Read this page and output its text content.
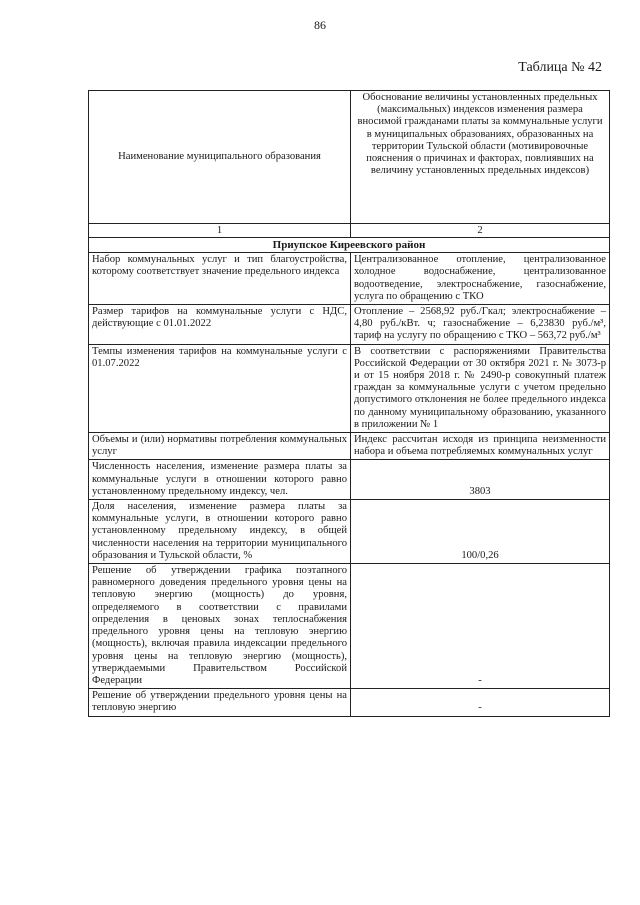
86
Таблица № 42
Наименование муниципального образования	Обоснование величины установленных предельных (максимальных) индексов изменения размера вносимой гражданами платы за коммунальные услуги в муниципальных образованиях, образованных на территории Тульской области (мотивировочные пояснения о причинах и факторах, повлиявших на величину установленных предельных индексов)
1	2
Приупское Киреевского район	
Набор коммунальных услуг и тип благоустройства, которому соответствует значение предельного индекса	Централизованное отопление, централизованное холодное водоснабжение, централизованное водоотведение, электроснабжение, газоснабжение, услуга по обращению с ТКО
Размер тарифов на коммунальные услуги с НДС, действующие с 01.01.2022	Отопление – 2568,92 руб./Гкал; электроснабжение – 4,80 руб./кВт. ч; газоснабжение – 6,23830 руб./м³, тариф на услугу по обращению с ТКО – 563,72 руб./м³
Темпы изменения тарифов на коммунальные услуги с 01.07.2022	В соответствии с распоряжениями Правительства Российской Федерации от 30 октября 2021 г. № 3073-р и от 15 ноября 2018 г. № 2490-р совокупный платеж граждан за коммунальные услуги с учетом предельно допустимого отклонения не более предельного индекса по данному муниципальному образованию, указанного в приложении № 1
Объемы и (или) нормативы потребления коммунальных услуг	Индекс рассчитан исходя из принципа неизменности набора и объема потребляемых коммунальных услуг
Численность населения, изменение размера платы за коммунальные услуги в отношении которого равно установленному предельному индексу, чел.	3803
Доля населения, изменение размера платы за коммунальные услуги, в отношении которого равно установленному предельному индексу, в общей численности населения на территории муниципального образования и Тульской области, %	100/0,26
Решение об утверждении графика поэтапного равномерного доведения предельного уровня цены на тепловую энергию (мощность) до уровня, определяемого в соответствии с правилами определения в ценовых зонах теплоснабжения предельного уровня цены на тепловую энергию (мощность), включая правила индексации предельного уровня цены на тепловую энергию (мощность), утверждаемыми Правительством Российской Федерации	-
Решение об утверждении предельного уровня цены на тепловую энергию	-
